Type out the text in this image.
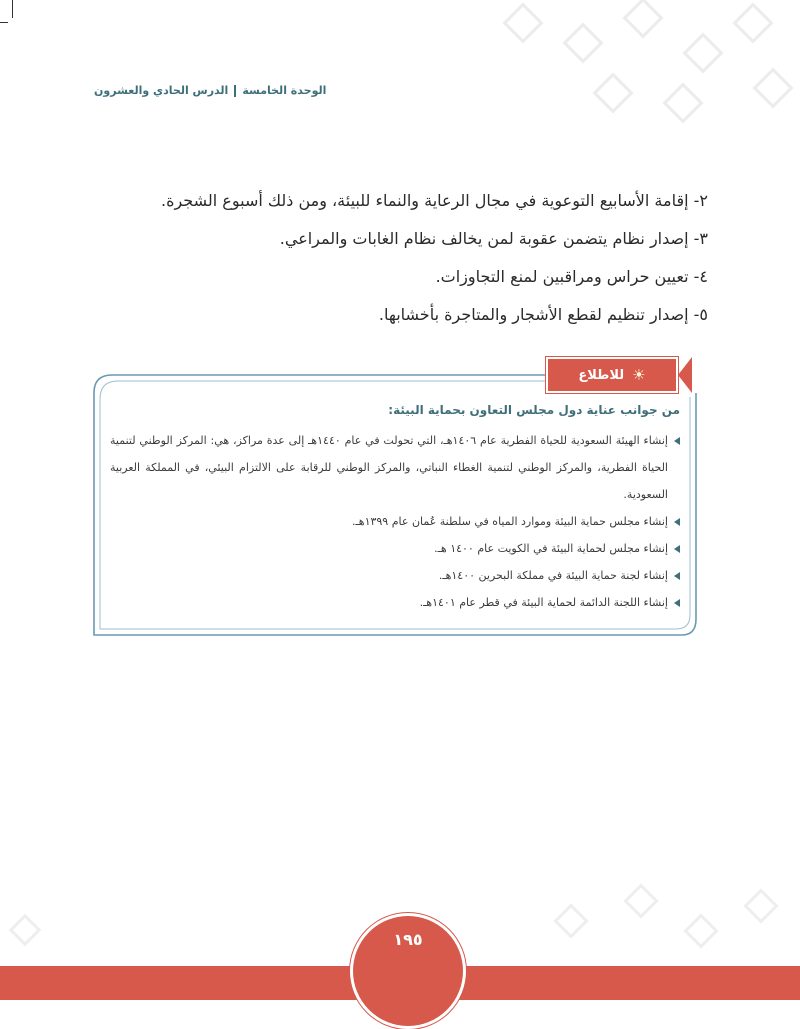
الوحدة الخامسة
الدرس الحادي والعشرون
٢- إقامة الأسابيع التوعوية في مجال الرعاية والنماء للبيئة، ومن ذلك أسبوع الشجرة.
٣- إصدار نظام يتضمن عقوبة لمن يخالف نظام الغابات والمراعي.
٤- تعيين حراس ومراقبين لمنع التجاوزات.
٥- إصدار تنظيم لقطع الأشجار والمتاجرة بأخشابها.
☀
للاطلاع
من جوانب عناية دول مجلس التعاون بحماية البيئة:
إنشاء الهيئة السعودية للحياة الفطرية عام ١٤٠٦هـ، التي تحولت في عام ١٤٤٠هـ إلى عدة مراكز، هي: المركز الوطني لتنمية الحياة الفطرية، والمركز الوطني لتنمية الغطاء النباتي، والمركز الوطني للرقابة على الالتزام البيئي، في المملكة العربية السعودية.
إنشاء مجلس حماية البيئة وموارد المياه في سلطنة عُمان عام ١٣٩٩هـ.
إنشاء مجلس لحماية البيئة في الكويت عام ١٤٠٠ هـ.
إنشاء لجنة حماية البيئة في مملكة البحرين ١٤٠٠هـ.
إنشاء اللجنة الدائمة لحماية البيئة في قطر عام ١٤٠١هـ.
١٩٥
